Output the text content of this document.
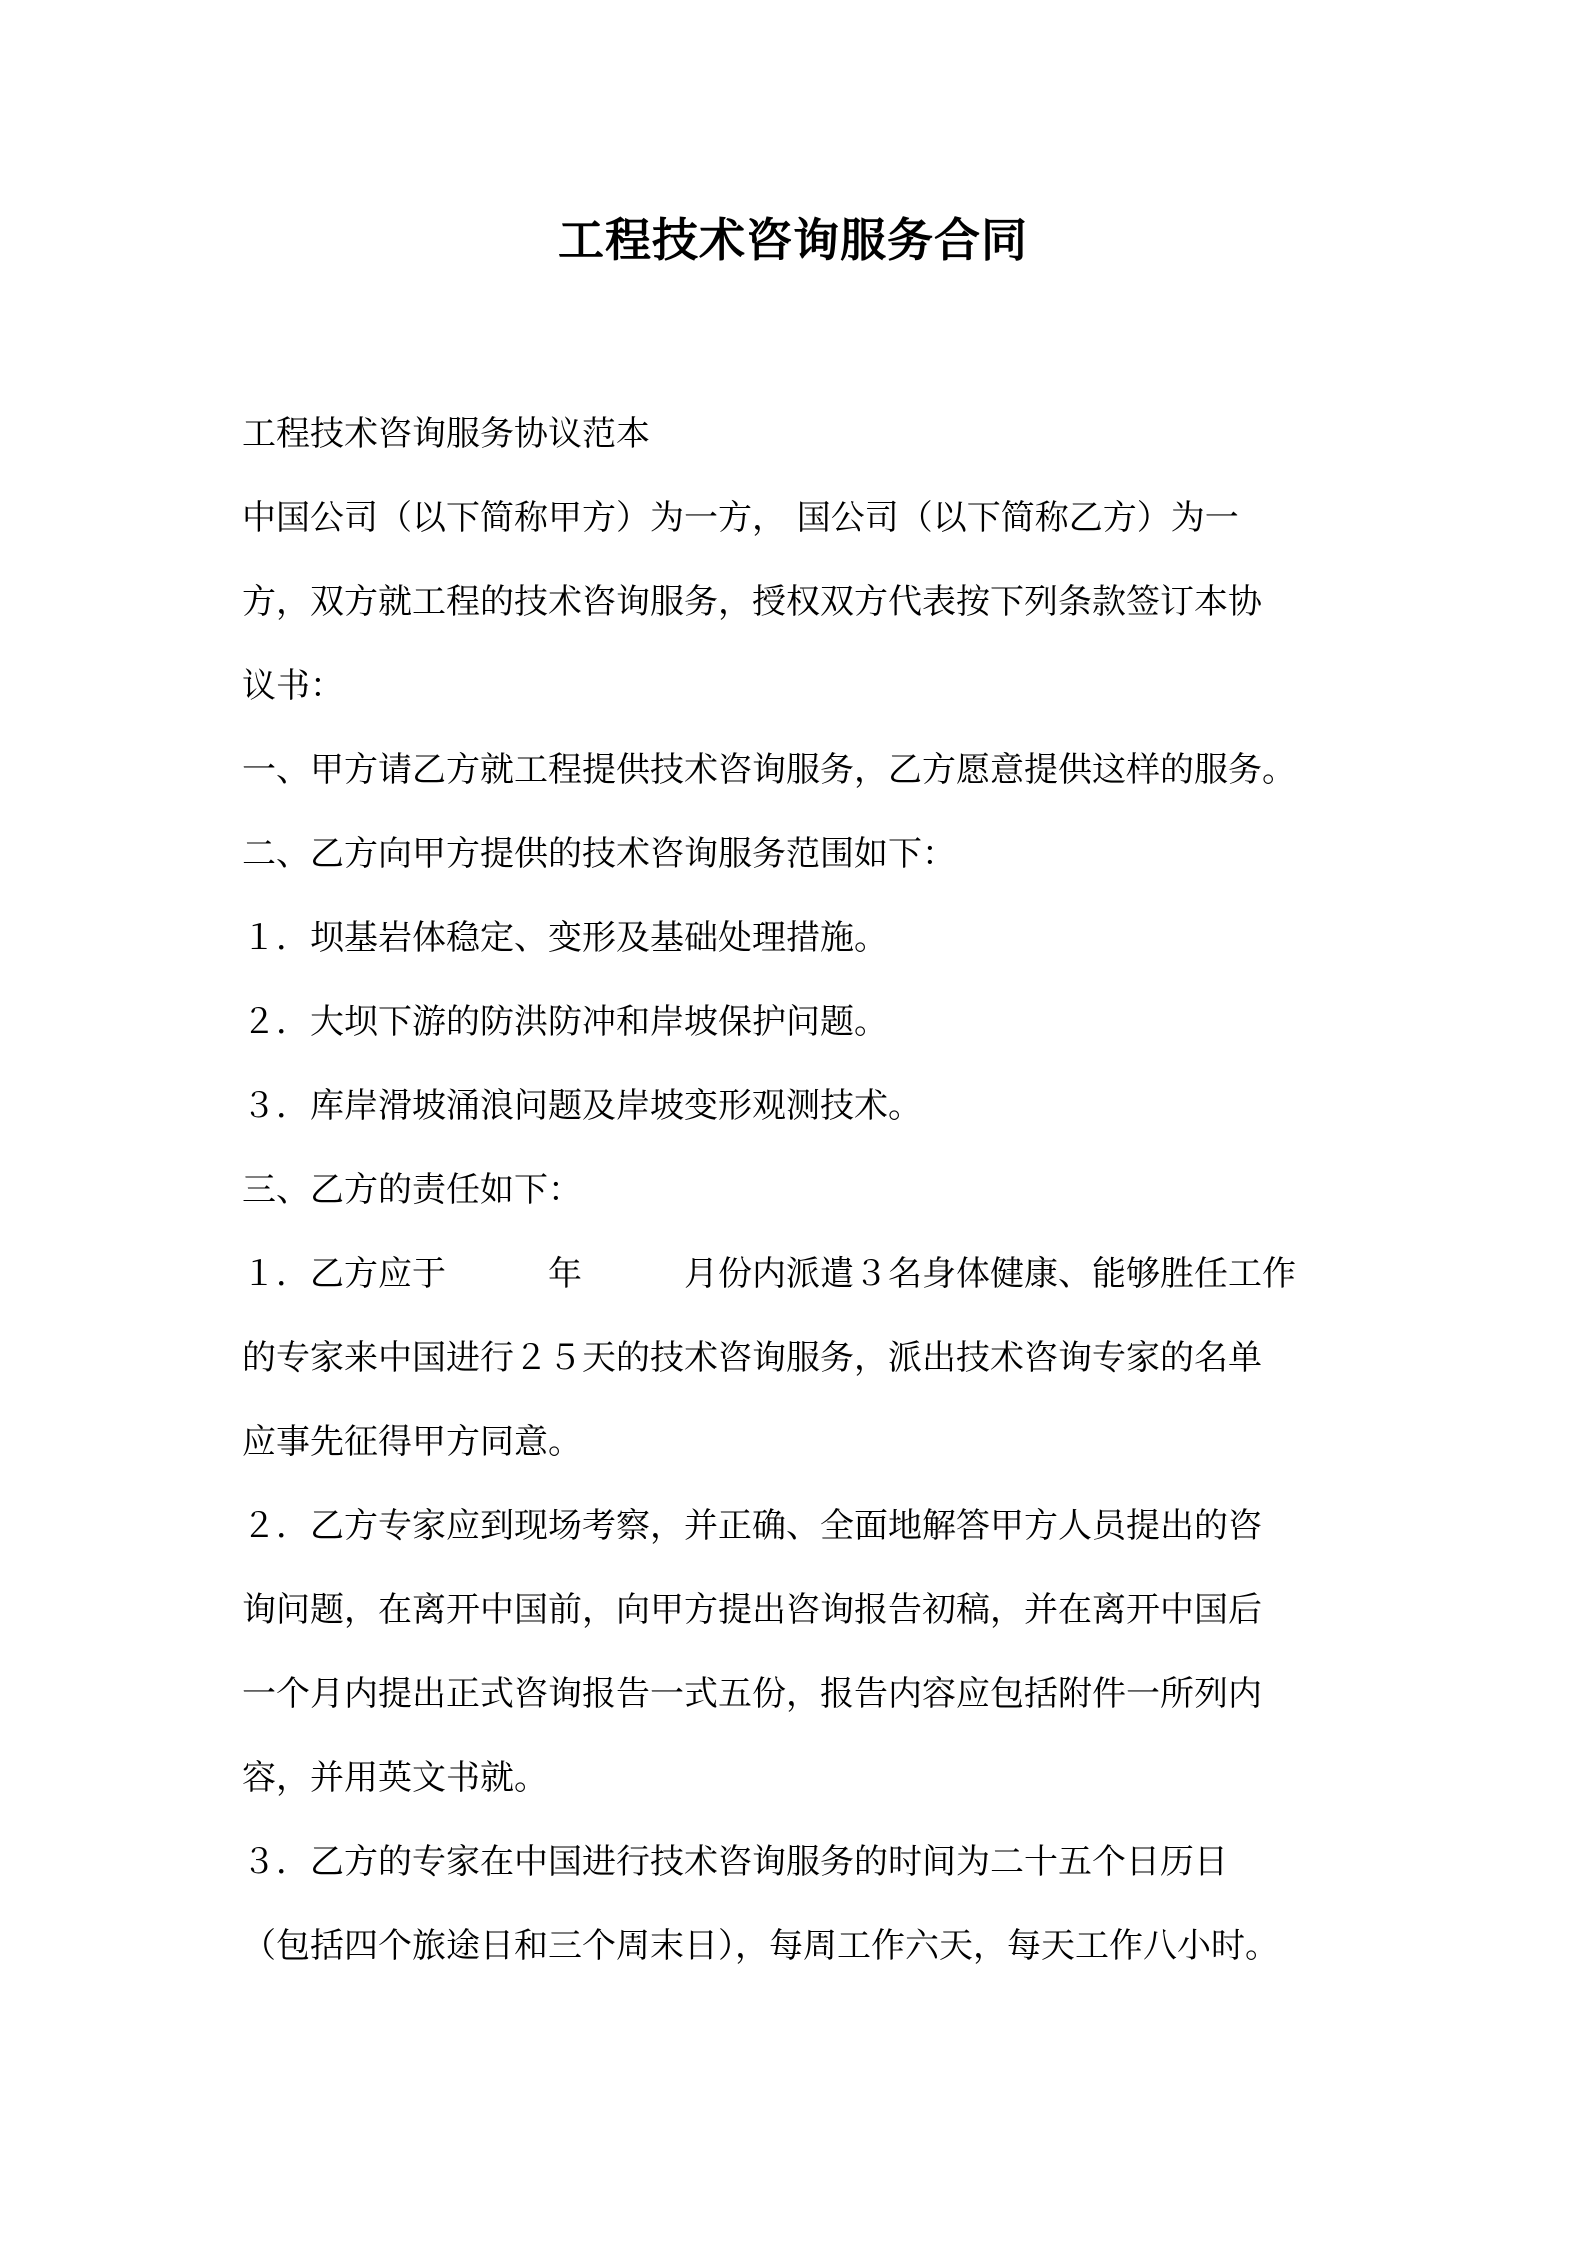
工程技术咨询服务合同
工程技术咨询服务协议范本
中国公司（以下简称甲方）为一方， 国公司（以下简称乙方）为一
方，双方就工程的技术咨询服务，授权双方代表按下列条款签订本协
议书：
一、甲方请乙方就工程提供技术咨询服务，乙方愿意提供这样的服务。
二、乙方向甲方提供的技术咨询服务范围如下：
１．坝基岩体稳定、变形及基础处理措施。
２．大坝下游的防洪防冲和岸坡保护问题。
３．库岸滑坡涌浪问题及岸坡变形观测技术。
三、乙方的责任如下：
１．乙方应于　　　年　　　月份内派遣３名身体健康、能够胜任工作
的专家来中国进行２５天的技术咨询服务，派出技术咨询专家的名单
应事先征得甲方同意。
２．乙方专家应到现场考察，并正确、全面地解答甲方人员提出的咨
询问题，在离开中国前，向甲方提出咨询报告初稿，并在离开中国后
一个月内提出正式咨询报告一式五份，报告内容应包括附件一所列内
容，并用英文书就。
３．乙方的专家在中国进行技术咨询服务的时间为二十五个日历日
（包括四个旅途日和三个周末日），每周工作六天，每天工作八小时。
